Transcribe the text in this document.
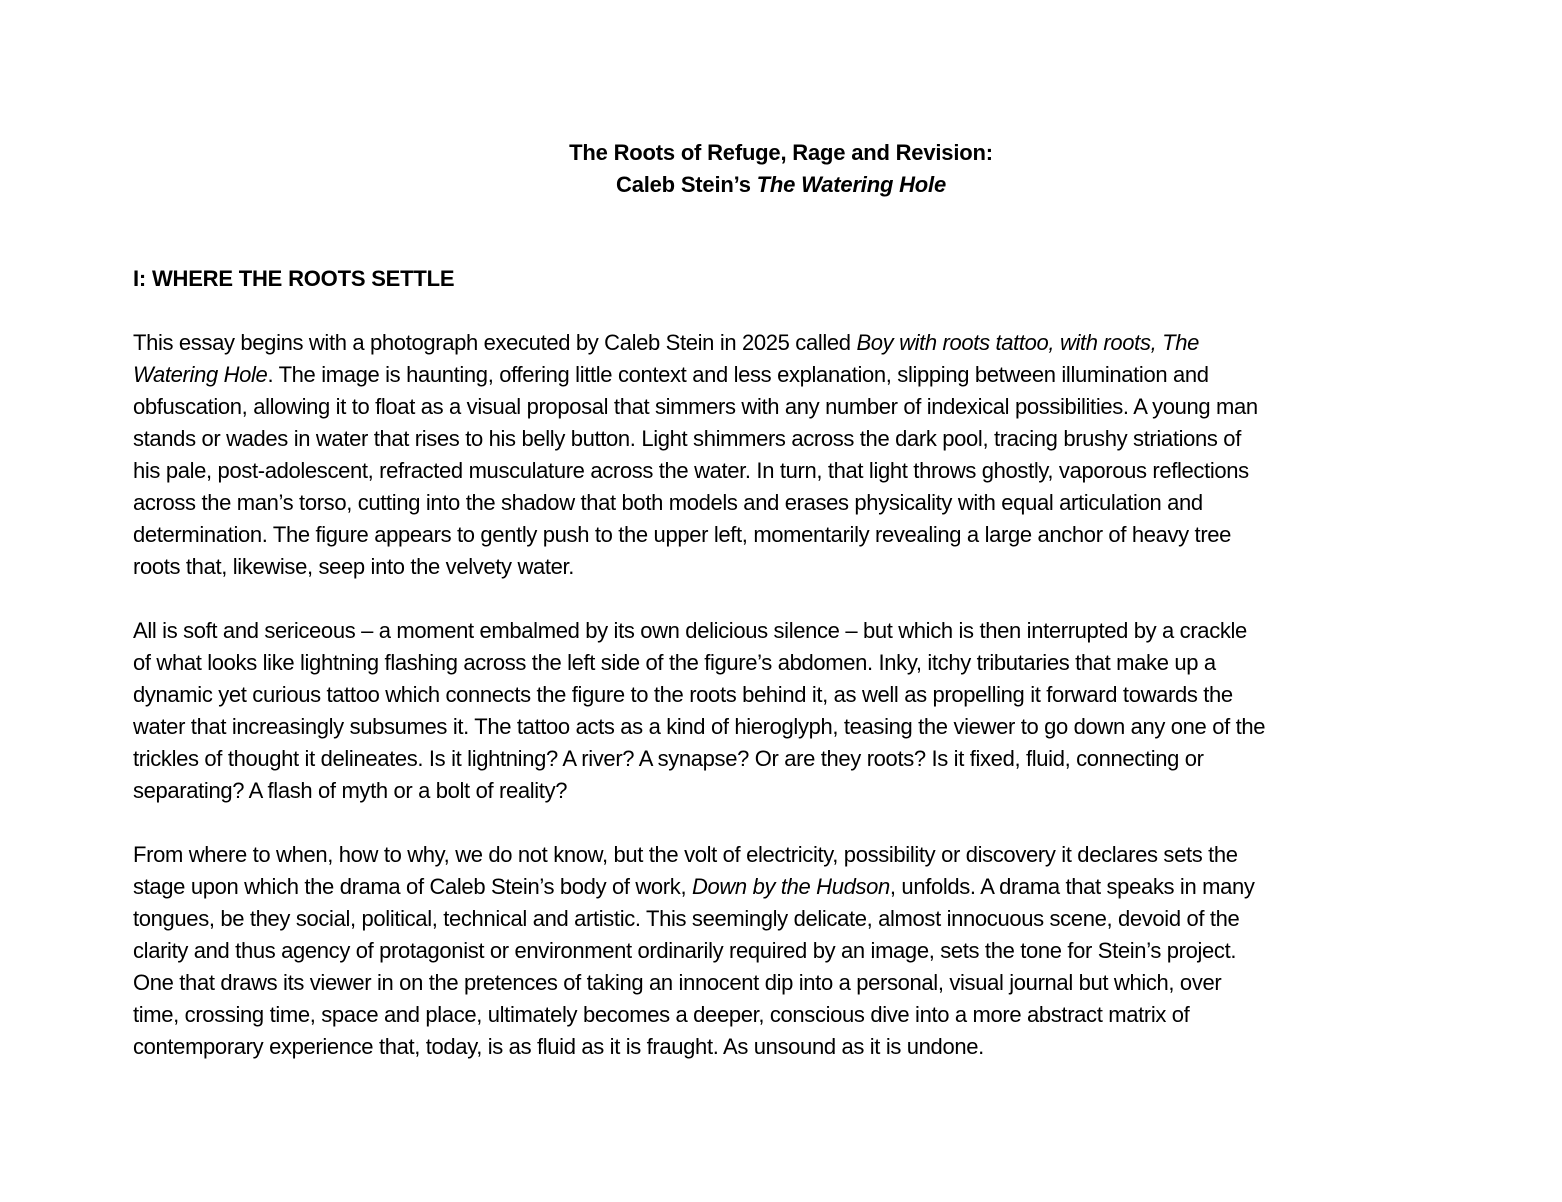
The Roots of Refuge, Rage and Revision:
Caleb Stein’s The Watering Hole
I: WHERE THE ROOTS SETTLE

This essay begins with a photograph executed by Caleb Stein in 2025 called Boy with roots tattoo, with roots, The
Watering Hole. The image is haunting, offering little context and less explanation, slipping between illumination and
obfuscation, allowing it to float as a visual proposal that simmers with any number of indexical possibilities. A young man
stands or wades in water that rises to his belly button. Light shimmers across the dark pool, tracing brushy striations of
his pale, post-adolescent, refracted musculature across the water. In turn, that light throws ghostly, vaporous reflections
across the man’s torso, cutting into the shadow that both models and erases physicality with equal articulation and
determination. The figure appears to gently push to the upper left, momentarily revealing a large anchor of heavy tree
roots that, likewise, seep into the velvety water.

All is soft and sericeous – a moment embalmed by its own delicious silence – but which is then interrupted by a crackle
of what looks like lightning flashing across the left side of the figure’s abdomen. Inky, itchy tributaries that make up a
dynamic yet curious tattoo which connects the figure to the roots behind it, as well as propelling it forward towards the
water that increasingly subsumes it. The tattoo acts as a kind of hieroglyph, teasing the viewer to go down any one of the
trickles of thought it delineates. Is it lightning? A river? A synapse? Or are they roots? Is it fixed, fluid, connecting or
separating? A flash of myth or a bolt of reality?

From where to when, how to why, we do not know, but the volt of electricity, possibility or discovery it declares sets the
stage upon which the drama of Caleb Stein’s body of work, Down by the Hudson, unfolds. A drama that speaks in many
tongues, be they social, political, technical and artistic. This seemingly delicate, almost innocuous scene, devoid of the
clarity and thus agency of protagonist or environment ordinarily required by an image, sets the tone for Stein’s project.
One that draws its viewer in on the pretences of taking an innocent dip into a personal, visual journal but which, over
time, crossing time, space and place, ultimately becomes a deeper, conscious dive into a more abstract matrix of
contemporary experience that, today, is as fluid as it is fraught. As unsound as it is undone.
